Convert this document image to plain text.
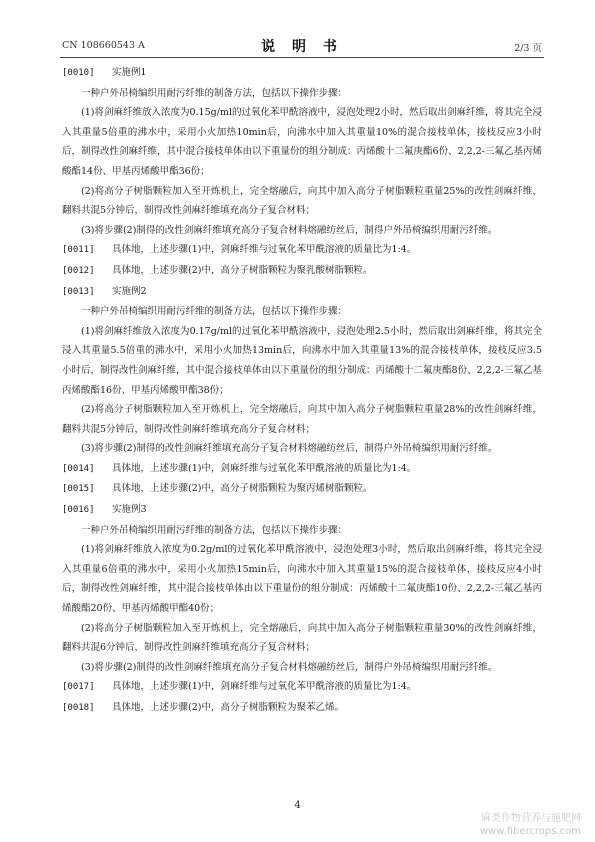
CN 108660543 A	说 明 书	2/3 页

[0010] 实施例1

一种户外吊椅编织用耐污纤维的制备方法，包括以下操作步骤：

(1)将剑麻纤维放入浓度为0.15g/ml的过氧化苯甲酰溶液中，浸泡处理2小时，然后取出剑麻纤维，将其完全浸入其重量5倍重的沸水中，采用小火加热10min后，向沸水中加入其重量10%的混合接枝单体，接枝反应3小时后，制得改性剑麻纤维，其中混合接枝单体由以下重量份的组分制成：丙烯酸十二氟庚酯6份、2,2,2-三氟乙基丙烯酸酯14份、甲基丙烯酸甲酯36份；

(2)将高分子树脂颗粒加入至开炼机上，完全熔融后，向其中加入高分子树脂颗粒重量25%的改性剑麻纤维，翻料共混5分钟后，制得改性剑麻纤维填充高分子复合材料；

(3)将步骤(2)制得的改性剑麻纤维填充高分子复合材料熔融纺丝后，制得户外吊椅编织用耐污纤维。

[0011] 具体地，上述步骤(1)中，剑麻纤维与过氧化苯甲酰溶液的质量比为1:4。

[0012] 具体地，上述步骤(2)中，高分子树脂颗粒为聚乳酸树脂颗粒。

[0013] 实施例2

一种户外吊椅编织用耐污纤维的制备方法，包括以下操作步骤：

(1)将剑麻纤维放入浓度为0.17g/ml的过氧化苯甲酰溶液中，浸泡处理2.5小时，然后取出剑麻纤维，将其完全浸入其重量5.5倍重的沸水中，采用小火加热13min后，向沸水中加入其重量13%的混合接枝单体，接枝反应3.5小时后，制得改性剑麻纤维，其中混合接枝单体由以下重量份的组分制成：丙烯酸十二氟庚酯8份、2,2,2-三氟乙基丙烯酸酯16份、甲基丙烯酸甲酯38份；

(2)将高分子树脂颗粒加入至开炼机上，完全熔融后，向其中加入高分子树脂颗粒重量28%的改性剑麻纤维，翻料共混5分钟后，制得改性剑麻纤维填充高分子复合材料；

(3)将步骤(2)制得的改性剑麻纤维填充高分子复合材料熔融纺丝后，制得户外吊椅编织用耐污纤维。

[0014] 具体地，上述步骤(1)中，剑麻纤维与过氧化苯甲酰溶液的质量比为1:4。

[0015] 具体地，上述步骤(2)中，高分子树脂颗粒为聚丙烯树脂颗粒。

[0016] 实施例3

一种户外吊椅编织用耐污纤维的制备方法，包括以下操作步骤：

(1)将剑麻纤维放入浓度为0.2g/ml的过氧化苯甲酰溶液中，浸泡处理3小时，然后取出剑麻纤维，将其完全浸入其重量6倍重的沸水中，采用小火加热15min后，向沸水中加入其重量15%的混合接枝单体，接枝反应4小时后，制得改性剑麻纤维，其中混合接枝单体由以下重量份的组分制成：丙烯酸十二氟庚酯10份、2,2,2-三氟乙基丙烯酸酯20份、甲基丙烯酸甲酯40份；

(2)将高分子树脂颗粒加入至开炼机上，完全熔融后，向其中加入高分子树脂颗粒重量30%的改性剑麻纤维，翻料共混6分钟后，制得改性剑麻纤维填充高分子复合材料；

(3)将步骤(2)制得的改性剑麻纤维填充高分子复合材料熔融纺丝后，制得户外吊椅编织用耐污纤维。

[0017] 具体地，上述步骤(1)中，剑麻纤维与过氧化苯甲酰溶液的质量比为1:4。

[0018] 具体地，上述步骤(2)中，高分子树脂颗粒为聚苯乙烯。

4
麻类作物营养与施肥网
www.fibercrops.com
